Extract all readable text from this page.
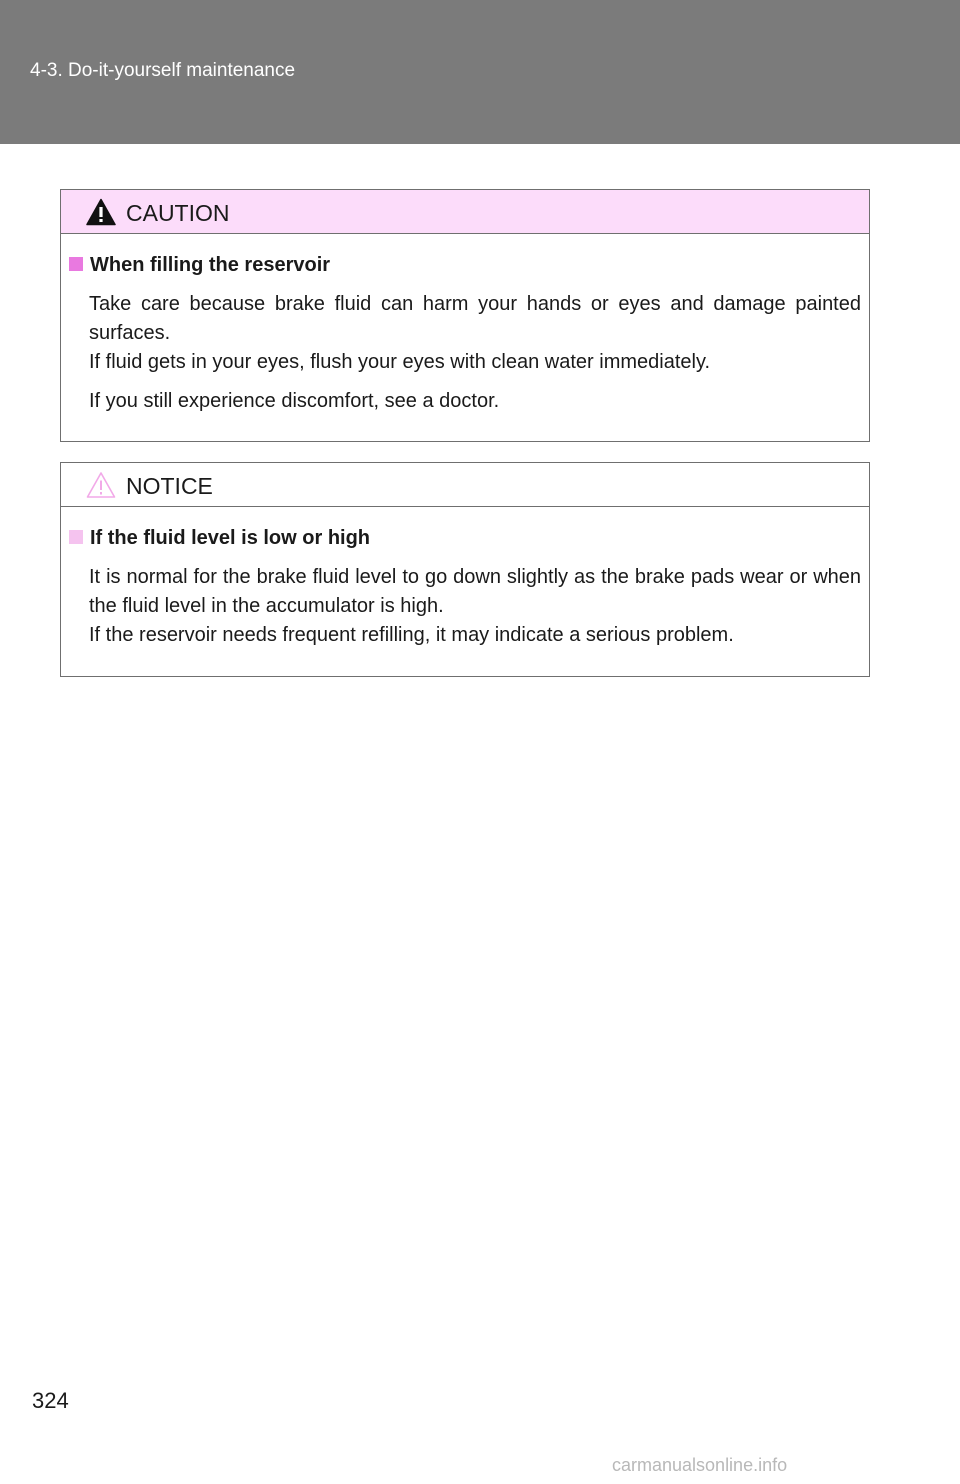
4-3. Do-it-yourself maintenance
CAUTION
When filling the reservoir
Take care because brake fluid can harm your hands or eyes and damage painted surfaces.
If fluid gets in your eyes, flush your eyes with clean water immediately.
If you still experience discomfort, see a doctor.
NOTICE
If the fluid level is low or high
It is normal for the brake fluid level to go down slightly as the brake pads wear or when the fluid level in the accumulator is high.
If the reservoir needs frequent refilling, it may indicate a serious problem.
324
carmanualsonline.info
